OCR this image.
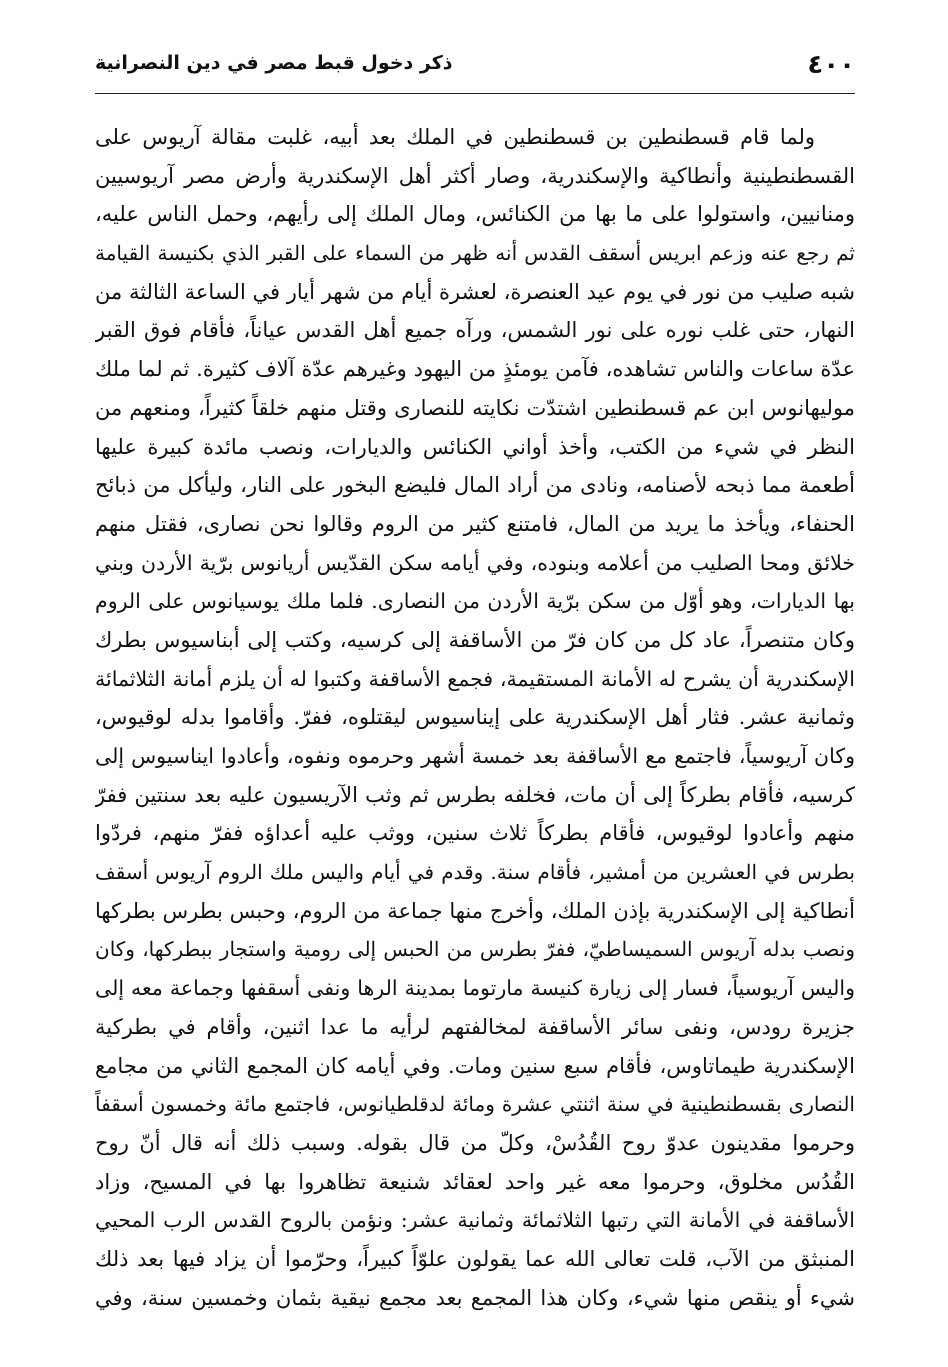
٤٠٠
ذكر دخول قبط مصر في دين النصرانية
ولما قام قسطنطين بن قسطنطين في الملك بعد أبيه، غلبت مقالة آريوس على
القسطنطينية وأنطاكية والإسكندرية، وصار أكثر أهل الإسكندرية وأرض مصر آريوسيين
ومنانيين، واستولوا على ما بها من الكنائس، ومال الملك إلى رأيهم، وحمل الناس عليه،
ثم رجع عنه وزعم ابريس أسقف القدس أنه ظهر من السماء على القبر الذي بكنيسة القيامة
شبه صليب من نور في يوم عيد العنصرة، لعشرة أيام من شهر أيار في الساعة الثالثة من
النهار، حتى غلب نوره على نور الشمس، ورآه جميع أهل القدس عياناً، فأقام فوق القبر
عدّة ساعات والناس تشاهده، فآمن يومئذٍ من اليهود وغيرهم عدّة آلاف كثيرة. ثم لما ملك
موليهانوس ابن عم قسطنطين اشتدّت نكايته للنصارى وقتل منهم خلقاً كثيراً، ومنعهم من
النظر في شيء من الكتب، وأخذ أواني الكنائس والديارات، ونصب مائدة كبيرة عليها
أطعمة مما ذبحه لأصنامه، ونادى من أراد المال فليضع البخور على النار، وليأكل من ذبائح
الحنفاء، ويأخذ ما يريد من المال، فامتنع كثير من الروم وقالوا نحن نصارى، فقتل منهم
خلائق ومحا الصليب من أعلامه وبنوده، وفي أيامه سكن القدّيس أريانوس برّية الأردن وبني
بها الديارات، وهو أوّل من سكن برّية الأردن من النصارى. فلما ملك يوسيانوس على الروم
وكان متنصراً، عاد كل من كان فرّ من الأساقفة إلى كرسيه، وكتب إلى أبناسيوس بطرك
الإسكندرية أن يشرح له الأمانة المستقيمة، فجمع الأساقفة وكتبوا له أن يلزم أمانة الثلاثمائة
وثمانية عشر. فثار أهل الإسكندرية على إيناسيوس ليقتلوه، ففرّ. وأقاموا بدله لوقيوس،
وكان آريوسياً، فاجتمع مع الأساقفة بعد خمسة أشهر وحرموه ونفوه، وأعادوا ايناسيوس إلى
كرسيه، فأقام بطركاً إلى أن مات، فخلفه بطرس ثم وثب الآريسيون عليه بعد سنتين ففرّ
منهم وأعادوا لوقيوس، فأقام بطركاً ثلاث سنين، ووثب عليه أعداؤه ففرّ منهم، فردّوا
بطرس في العشرين من أمشير، فأقام سنة. وقدم في أيام واليس ملك الروم آريوس أسقف
أنطاكية إلى الإسكندرية بإذن الملك، وأخرج منها جماعة من الروم، وحبس بطرس بطركها
ونصب بدله آريوس السميساطيّ، ففرّ بطرس من الحبس إلى رومية واستجار ببطركها، وكان
واليس آريوسياً، فسار إلى زيارة كنيسة مارتوما بمدينة الرها ونفى أسقفها وجماعة معه إلى
جزيرة رودس، ونفى سائر الأساقفة لمخالفتهم لرأيه ما عدا اثنين، وأقام في بطركية
الإسكندرية طيماتاوس، فأقام سبع سنين ومات. وفي أيامه كان المجمع الثاني من مجامع
النصارى بقسطنطينية في سنة اثنتي عشرة ومائة لدقلطيانوس، فاجتمع مائة وخمسون أسقفاً
وحرموا مقدينون عدوّ روح القُدُسْ، وكلّ من قال بقوله. وسبب ذلك أنه قال أنّ روح
القُدُس مخلوق، وحرموا معه غير واحد لعقائد شنيعة تظاهروا بها في المسيح، وزاد
الأساقفة في الأمانة التي رتبها الثلاثمائة وثمانية عشر: ونؤمن بالروح القدس الرب المحيي
المنبثق من الآب، قلت تعالى الله عما يقولون علوّاً كبيراً، وحرّموا أن يزاد فيها بعد ذلك
شيء أو ينقص منها شيء، وكان هذا المجمع بعد مجمع نيقية بثمان وخمسين سنة، وفي
